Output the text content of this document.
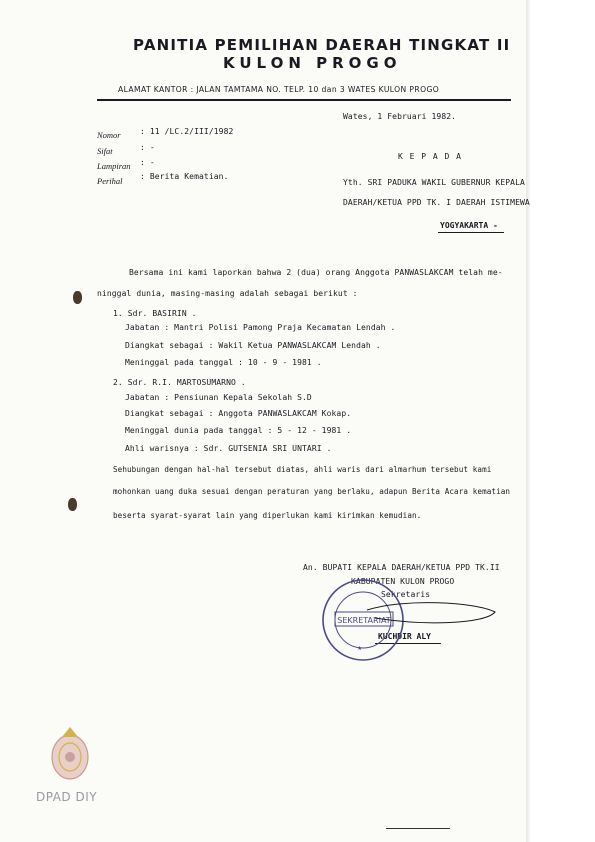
PANITIA PEMILIHAN DAERAH TINGKAT II
KULON PROGO
ALAMAT KANTOR : JALAN TAMTAMA NO. TELP. 10 dan 3 WATES KULON PROGO
Wates, 1 Februari 1982.
Nomor : 11 /LC.2/III/1982
Sifat	: -
Lampiran : -
Perihal : Berita Kematian.
K E P A D A
Yth. SRI PADUKA WAKIL GUBERNUR KEPALA
DAERAH/KETUA PPD TK. I DAERAH ISTIMEWA
YOGYAKARTA -
Bersama ini kami laporkan bahwa 2 (dua) orang Anggota PANWASLAKCAM telah me-
ninggal dunia, masing-masing adalah sebagai berikut :
1. Sdr. BASIRIN .
Jabatan : Mantri Polisi Pamong Praja Kecamatan Lendah .
Diangkat sebagai : Wakil Ketua PANWASLAKCAM Lendah .
Meninggal pada tanggal : 10 - 9 - 1981 .
2. Sdr. R.I. MARTOSUMARNO .
Jabatan : Pensiunan Kepala Sekolah S.D
Diangkat sebagai : Anggota PANWASLAKCAM Kokap.
Meninggal dunia pada tanggal : 5 - 12 - 1981 .
Ahli warisnya : Sdr. GUTSENIA SRI UNTARI .
Sehubungan dengan hal-hal tersebut diatas, ahli waris dari almarhum tersebut kami
mohonkan uang duka sesuai dengan peraturan yang berlaku, adapun Berita Acara kematian
beserta syarat-syarat lain yang diperlukan kami kirimkan kemudian.
An. BUPATI KEPALA DAERAH/KETUA PPD TK.II
KABUPATEN KULON PROGO
Sekretaris
KUCHDIR ALY
SEKRETARIAT
★
DPAD DIY
